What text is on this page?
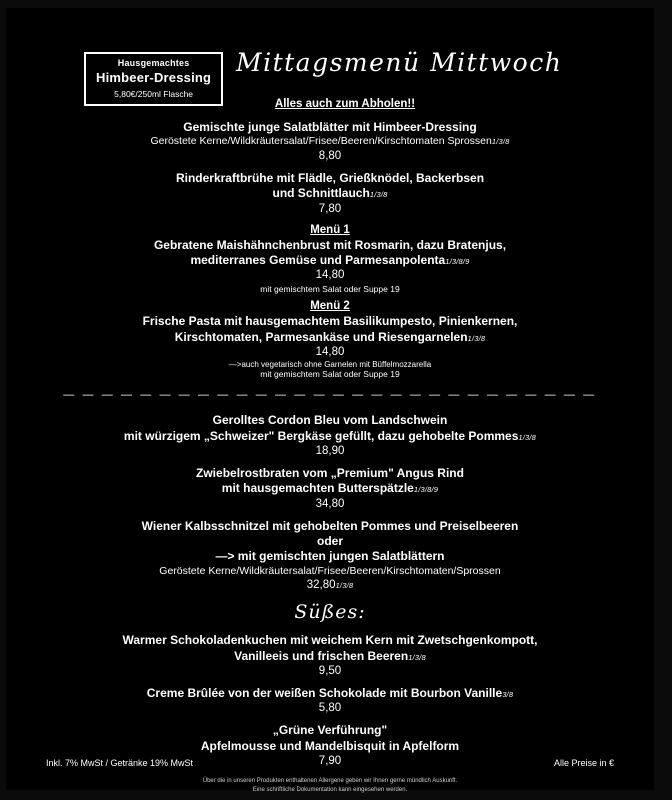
Hausgemachtes
Himbeer-Dressing
5,80€/250ml Flasche
Mittagsmenü Mittwoch
Alles auch zum Abholen!!

Gemischte junge Salatblätter mit Himbeer-Dressing

Geröstete Kerne/Wildkräutersalat/Frisee/Beeren/Kirschtomaten Sprossen1/3/8

8,80

Rinderkraftbrühe mit Flädle, Grießknödel, Backerbsen

und Schnittlauch1/3/8

7,80

Menü 1

Gebratene Maishähnchenbrust mit Rosmarin, dazu Bratenjus,

mediterranes Gemüse und Parmesanpolenta1/3/8/9

14,80

mit gemischtem Salat oder Suppe 19

Menü 2

Frische Pasta mit hausgemachtem Basilikumpesto, Pinienkernen,

Kirschtomaten, Parmesankäse und Riesengarnelen1/3/8

14,80

—>auch vegetarisch ohne Garnelen mit Büffelmozzarella

mit gemischtem Salat oder Suppe 19

— — — — — — — — — — — — — — — — — — — — — — — — — — — —

Gerolltes Cordon Bleu vom Landschwein

mit würzigem „Schweizer" Bergkäse gefüllt, dazu gehobelte Pommes1/3/8

18,90

Zwiebelrostbraten vom „Premium" Angus Rind

mit hausgemachten Butterspätzle1/3/8/9

34,80

Wiener Kalbsschnitzel mit gehobelten Pommes und Preiselbeeren

oder

—> mit gemischten jungen Salatblättern

Geröstete Kerne/Wildkräutersalat/Frisee/Beeren/Kirschtomaten/Sprossen

32,801/3/8

Süßes:

Warmer Schokoladenkuchen mit weichem Kern mit Zwetschgenkompott,

Vanilleeis und frischen Beeren1/3/8

9,50

Creme Brûlée von der weißen Schokolade mit Bourbon Vanille3/8

5,80

„Grüne Verführung"

Apfelmousse und Mandelbisquit in Apfelform

7,90

Über die in unseren Produkten enthaltenen Allergene geben wir Ihnen gerne mündlich Auskunft.
Eine schriftliche Dokumentation kann eingesehen werden.
Inkl. 7% MwSt / Getränke 19% MwSt	Alle Preise in €
